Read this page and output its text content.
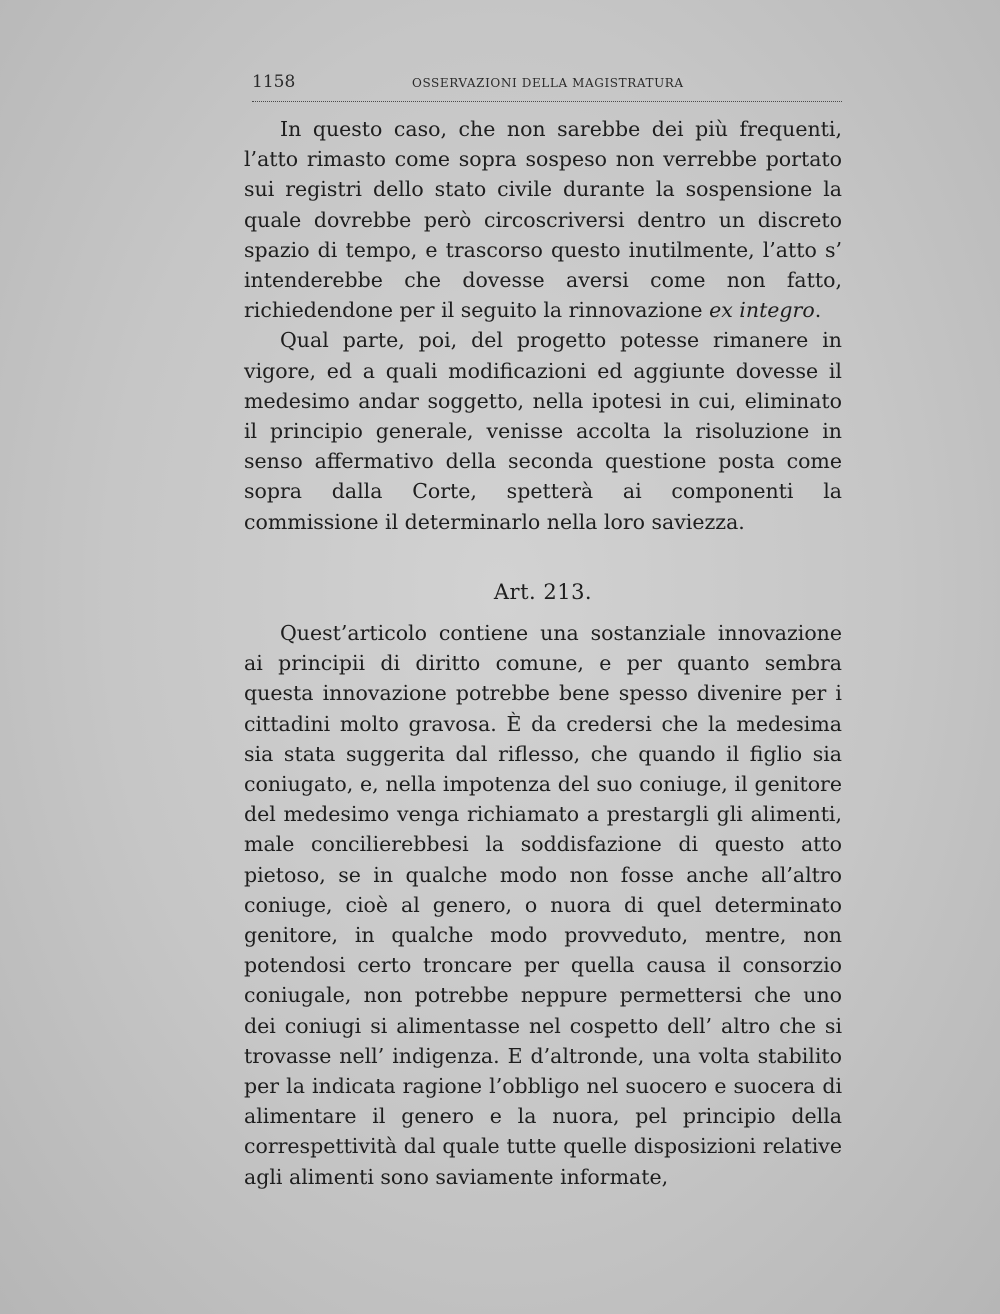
1158	OSSERVAZIONI DELLA MAGISTRATURA

In questo caso, che non sarebbe dei più frequenti, l’atto rimasto come sopra sospeso non verrebbe portato sui registri dello stato civile durante la sospensione la quale dovrebbe però circoscriversi dentro un discreto spazio di tempo, e trascorso questo inutilmente, l’atto s’ intenderebbe che dovesse aversi come non fatto, richiedendone per il seguito la rinnovazione ex integro.

Qual parte, poi, del progetto potesse rimanere in vigore, ed a quali modificazioni ed aggiunte dovesse il medesimo andar soggetto, nella ipotesi in cui, eliminato il principio generale, venisse accolta la risoluzione in senso affermativo della seconda questione posta come sopra dalla Corte, spetterà ai componenti la commissione il determinarlo nella loro saviezza.

Art. 213.

Quest’articolo contiene una sostanziale innovazione ai principii di diritto comune, e per quanto sembra questa innovazione potrebbe bene spesso divenire per i cittadini molto gravosa. È da credersi che la medesima sia stata suggerita dal riflesso, che quando il figlio sia coniugato, e, nella impotenza del suo coniuge, il genitore del medesimo venga richiamato a prestargli gli alimenti, male concilierebbesi la soddisfazione di questo atto pietoso, se in qualche modo non fosse anche all’altro coniuge, cioè al genero, o nuora di quel determinato genitore, in qualche modo provveduto, mentre, non potendosi certo troncare per quella causa il consorzio coniugale, non potrebbe neppure permettersi che uno dei coniugi si alimentasse nel cospetto dell’ altro che si trovasse nell’ indigenza. E d’altronde, una volta stabilito per la indicata ragione l’obbligo nel suocero e suocera di alimentare il genero e la nuora, pel principio della correspettività dal quale tutte quelle disposizioni relative agli alimenti sono saviamente informate,
